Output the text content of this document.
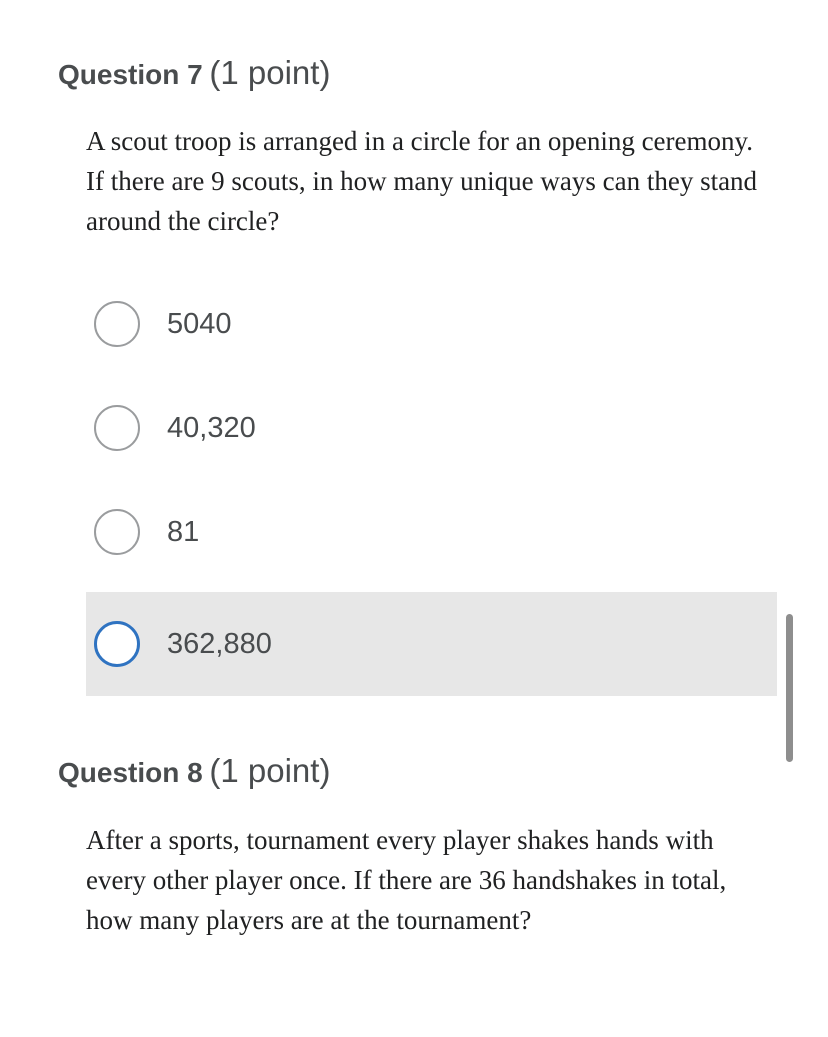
Question 7 (1 point)

A scout troop is arranged in a circle for an opening ceremony. If there are 9 scouts, in how many unique ways can they stand around the circle?

5040
40,320
81
362,880
Question 8 (1 point)

After a sports, tournament every player shakes hands with every other player once. If there are 36 handshakes in total, how many players are at the tournament?
